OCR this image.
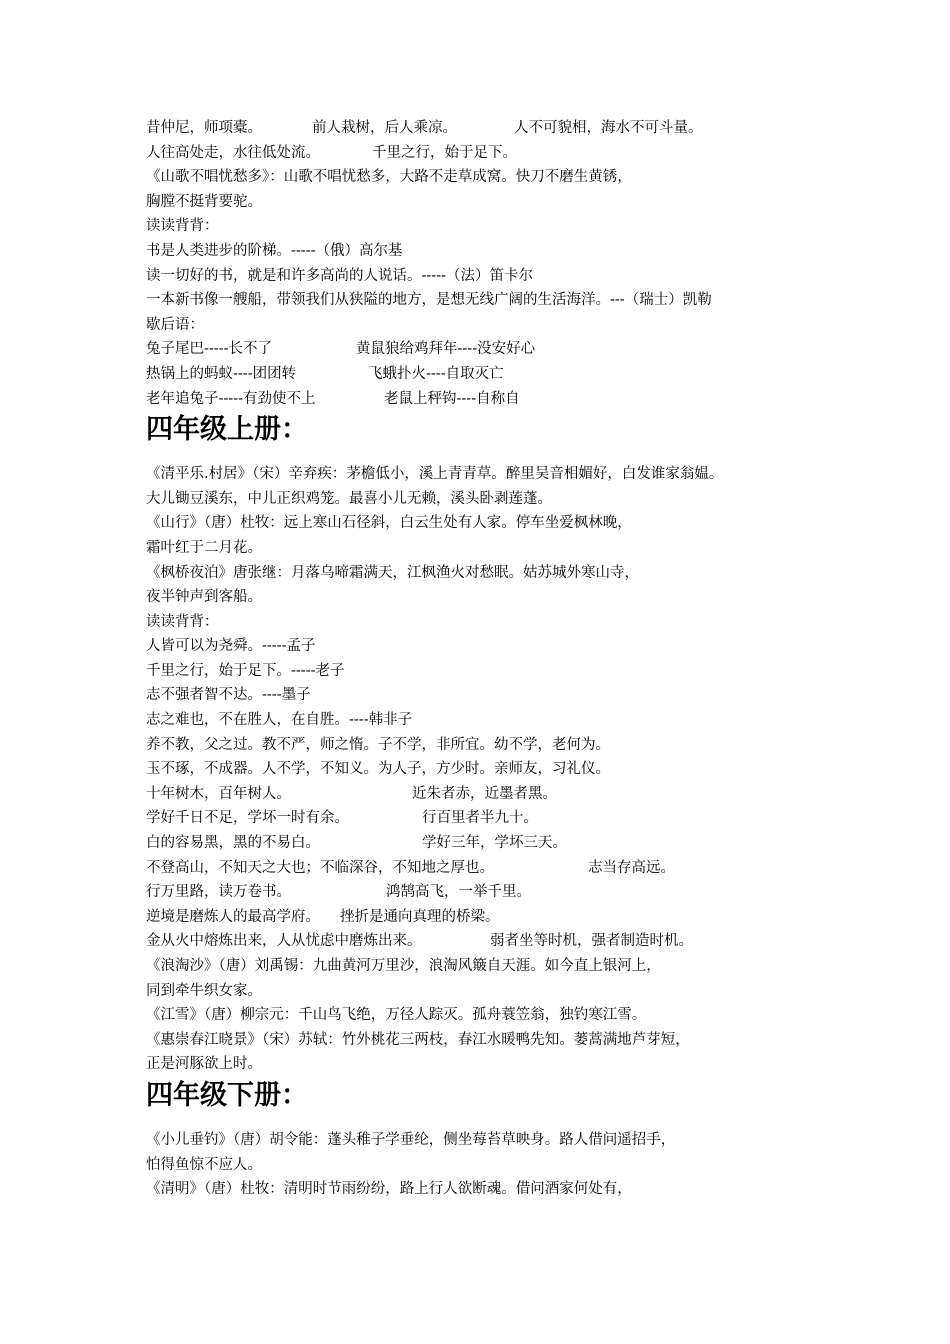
昔仲尼，师项橐。	前人栽树，后人乘凉。	人不可貌相，海水不可斗量。
人往高处走，水往低处流。	千里之行，始于足下。
《山歌不唱忧愁多》：山歌不唱忧愁多，大路不走草成窝。快刀不磨生黄锈，
胸膛不挺背要驼。
读读背背：
书是人类进步的阶梯。-----（俄）高尔基
读一切好的书，就是和许多高尚的人说话。-----（法）笛卡尔
一本新书像一艘船，带领我们从狭隘的地方，是想无线广阔的生活海洋。---（瑞士）凯勒
歇后语：
兔子尾巴-----长不了	黄鼠狼给鸡拜年----没安好心
热锅上的蚂蚁----团团转	飞蛾扑火----自取灭亡
老年追兔子-----有劲使不上	老鼠上秤钩----自称自
四年级上册：
《清平乐.村居》（宋）辛弃疾：茅檐低小，溪上青青草。醉里吴音相媚好，白发谁家翁媪。
大儿锄豆溪东，中儿正织鸡笼。最喜小儿无赖，溪头卧剥莲蓬。
《山行》（唐）杜牧：远上寒山石径斜，白云生处有人家。停车坐爱枫林晚，
霜叶红于二月花。
《枫桥夜泊》唐张继：月落乌啼霜满天，江枫渔火对愁眠。姑苏城外寒山寺，
夜半钟声到客船。
读读背背：
人皆可以为尧舜。-----孟子
千里之行，始于足下。-----老子
志不强者智不达。----墨子
志之难也，不在胜人，在自胜。----韩非子
养不教，父之过。教不严，师之惰。子不学，非所宜。幼不学，老何为。
玉不琢，不成器。人不学，不知义。为人子，方少时。亲师友，习礼仪。
十年树木，百年树人。	近朱者赤，近墨者黑。
学好千日不足，学坏一时有余。	行百里者半九十。
白的容易黑，黑的不易白。	学好三年，学坏三天。
不登高山，不知天之大也；不临深谷，不知地之厚也。	志当存高远。
行万里路，读万卷书。	鸿鹄高飞，一举千里。
逆境是磨炼人的最高学府。 挫折是通向真理的桥梁。
金从火中熔炼出来，人从忧虑中磨炼出来。	弱者坐等时机，强者制造时机。
《浪淘沙》（唐）刘禹锡：九曲黄河万里沙，浪淘风簸自天涯。如今直上银河上，
同到牵牛织女家。
《江雪》（唐）柳宗元：千山鸟飞绝，万径人踪灭。孤舟蓑笠翁，独钓寒江雪。
《惠崇春江晓景》（宋）苏轼：竹外桃花三两枝，春江水暖鸭先知。蒌蒿满地芦芽短，
正是河豚欲上时。
四年级下册：
《小儿垂钓》（唐）胡令能：蓬头稚子学垂纶，侧坐莓苔草映身。路人借问遥招手，
怕得鱼惊不应人。
《清明》（唐）杜牧：清明时节雨纷纷，路上行人欲断魂。借问酒家何处有，
